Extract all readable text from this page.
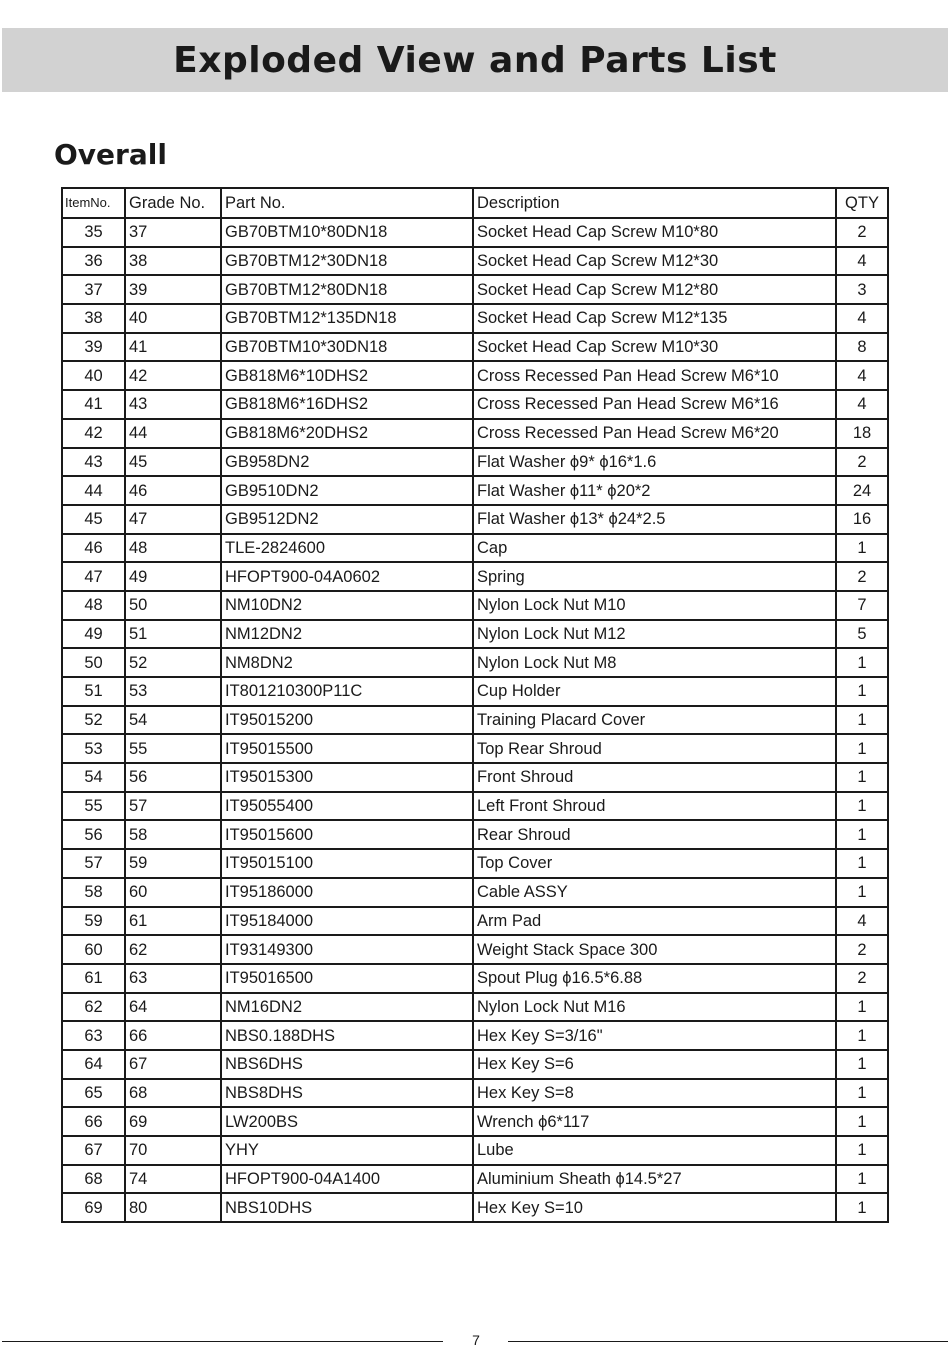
Exploded View and Parts List
Overall
ItemNo.	Grade No.	Part No.	Description	QTY
35	37	GB70BTM10*80DN18	Socket Head Cap Screw M10*80	2
36	38	GB70BTM12*30DN18	Socket Head Cap Screw M12*30	4
37	39	GB70BTM12*80DN18	Socket Head Cap Screw M12*80	3
38	40	GB70BTM12*135DN18	Socket Head Cap Screw M12*135	4
39	41	GB70BTM10*30DN18	Socket Head Cap Screw M10*30	8
40	42	GB818M6*10DHS2	Cross Recessed Pan Head Screw M6*10	4
41	43	GB818M6*16DHS2	Cross Recessed Pan Head Screw M6*16	4
42	44	GB818M6*20DHS2	Cross Recessed Pan Head Screw M6*20	18
43	45	GB958DN2	Flat Washer ϕ9* ϕ16*1.6	2
44	46	GB9510DN2	Flat Washer ϕ11* ϕ20*2	24
45	47	GB9512DN2	Flat Washer ϕ13* ϕ24*2.5	16
46	48	TLE-2824600	Cap	1
47	49	HFOPT900-04A0602	Spring	2
48	50	NM10DN2	Nylon Lock Nut M10	7
49	51	NM12DN2	Nylon Lock Nut M12	5
50	52	NM8DN2	Nylon Lock Nut M8	1
51	53	IT801210300P11C	Cup Holder	1
52	54	IT95015200	Training Placard Cover	1
53	55	IT95015500	Top Rear Shroud	1
54	56	IT95015300	Front Shroud	1
55	57	IT95055400	Left Front Shroud	1
56	58	IT95015600	Rear Shroud	1
57	59	IT95015100	Top Cover	1
58	60	IT95186000	Cable ASSY	1
59	61	IT95184000	Arm Pad	4
60	62	IT93149300	Weight Stack Space 300	2
61	63	IT95016500	Spout Plug ϕ16.5*6.88	2
62	64	NM16DN2	Nylon Lock Nut M16	1
63	66	NBS0.188DHS	Hex Key S=3/16"	1
64	67	NBS6DHS	Hex Key S=6	1
65	68	NBS8DHS	Hex Key S=8	1
66	69	LW200BS	Wrench ϕ6*117	1
67	70	YHY	Lube	1
68	74	HFOPT900-04A1400	Aluminium Sheath ϕ14.5*27	1
69	80	NBS10DHS	Hex Key S=10	1
7
